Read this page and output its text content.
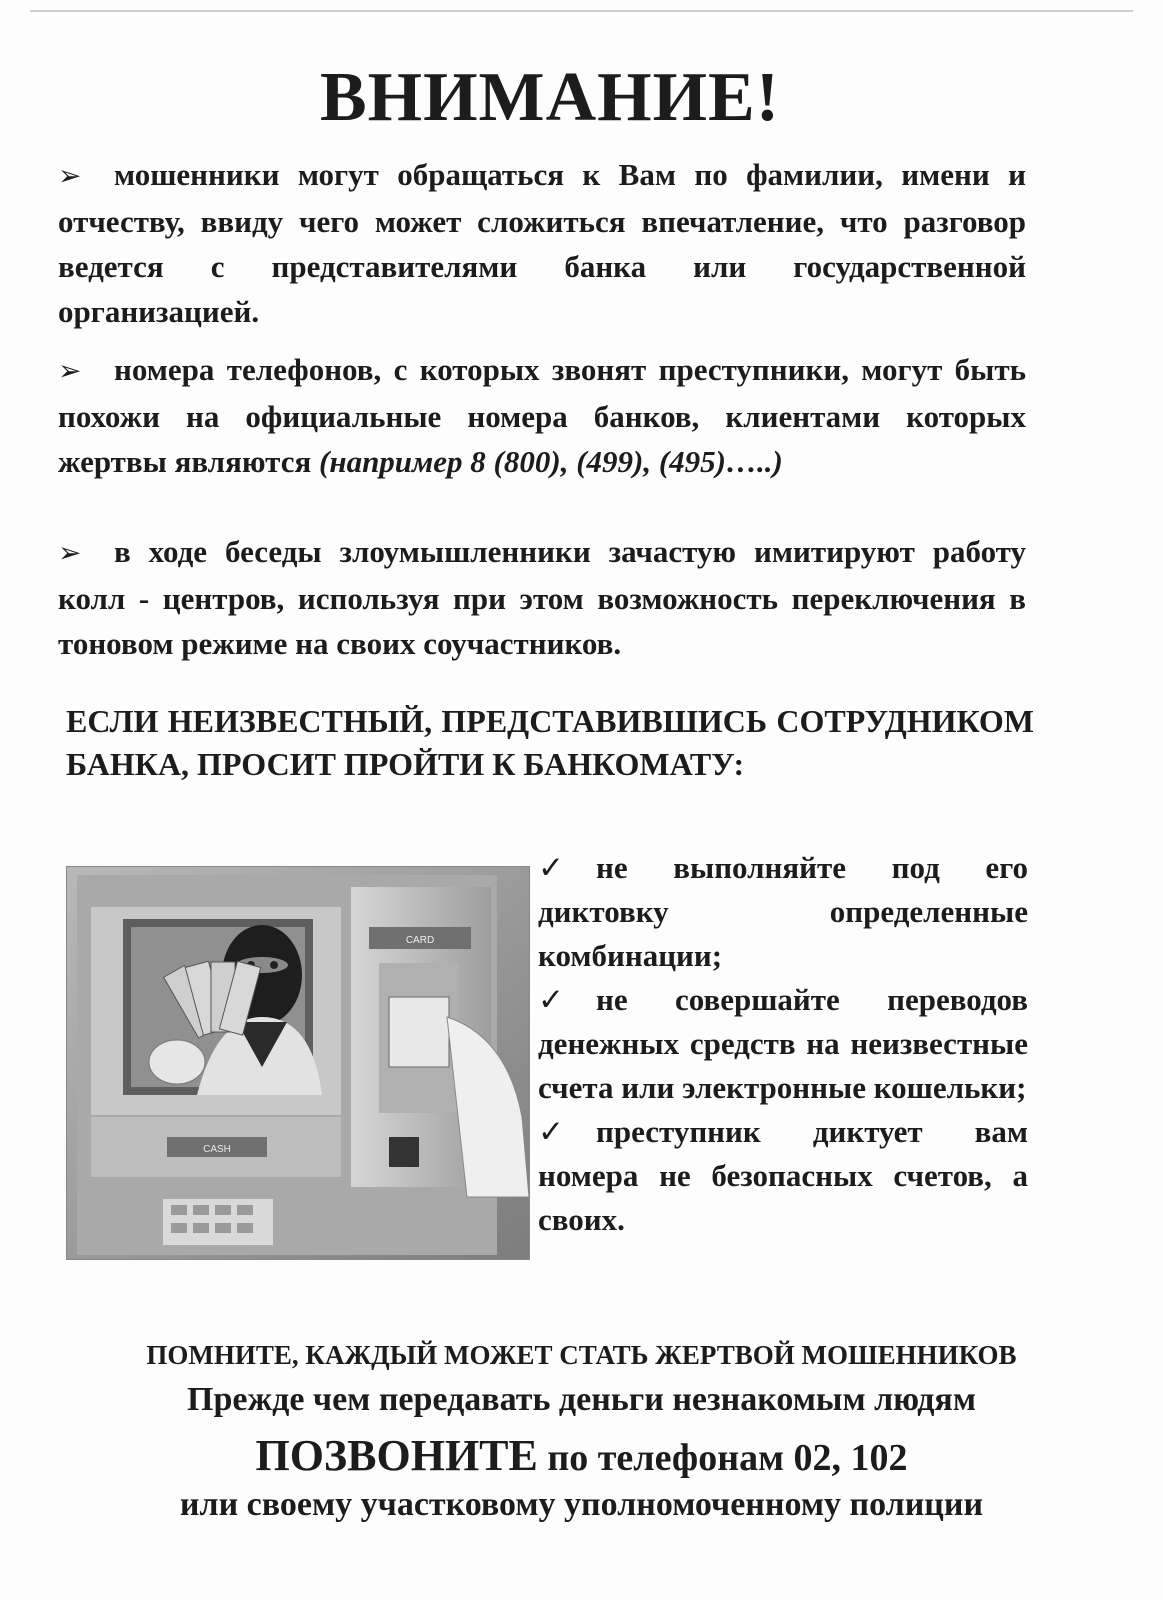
ВНИМАНИЕ!

➢ мошенники могут обращаться к Вам по фамилии, имени и отчеству, ввиду чего может сложиться впечатление, что разговор ведется с представителями банка или государственной организацией.

➢ номера телефонов, с которых звонят преступники, могут быть похожи на официальные номера банков, клиентами которых жертвы являются (например 8 (800), (499), (495)…..)

➢ в ходе беседы злоумышленники зачастую имитируют работу колл - центров, используя при этом возможность переключения в тоновом режиме на своих соучастников.

ЕСЛИ НЕИЗВЕСТНЫЙ, ПРЕДСТАВИВШИСЬ СОТРУДНИКОМ БАНКА, ПРОСИТ ПРОЙТИ К БАНКОМАТУ:

CASH
CARD
✓ не выполняйте под его диктовку определенные комбинации;
✓ не совершайте переводов денежных средств на неизвестные счета или электронные кошельки;
✓ преступник диктует вам номера не безопасных счетов, а своих.

ПОМНИТЕ, КАЖДЫЙ МОЖЕТ СТАТЬ ЖЕРТВОЙ МОШЕННИКОВ

Прежде чем передавать деньги незнакомым людям

ПОЗВОНИТЕ по телефонам 02, 102

или своему участковому уполномоченному полиции
